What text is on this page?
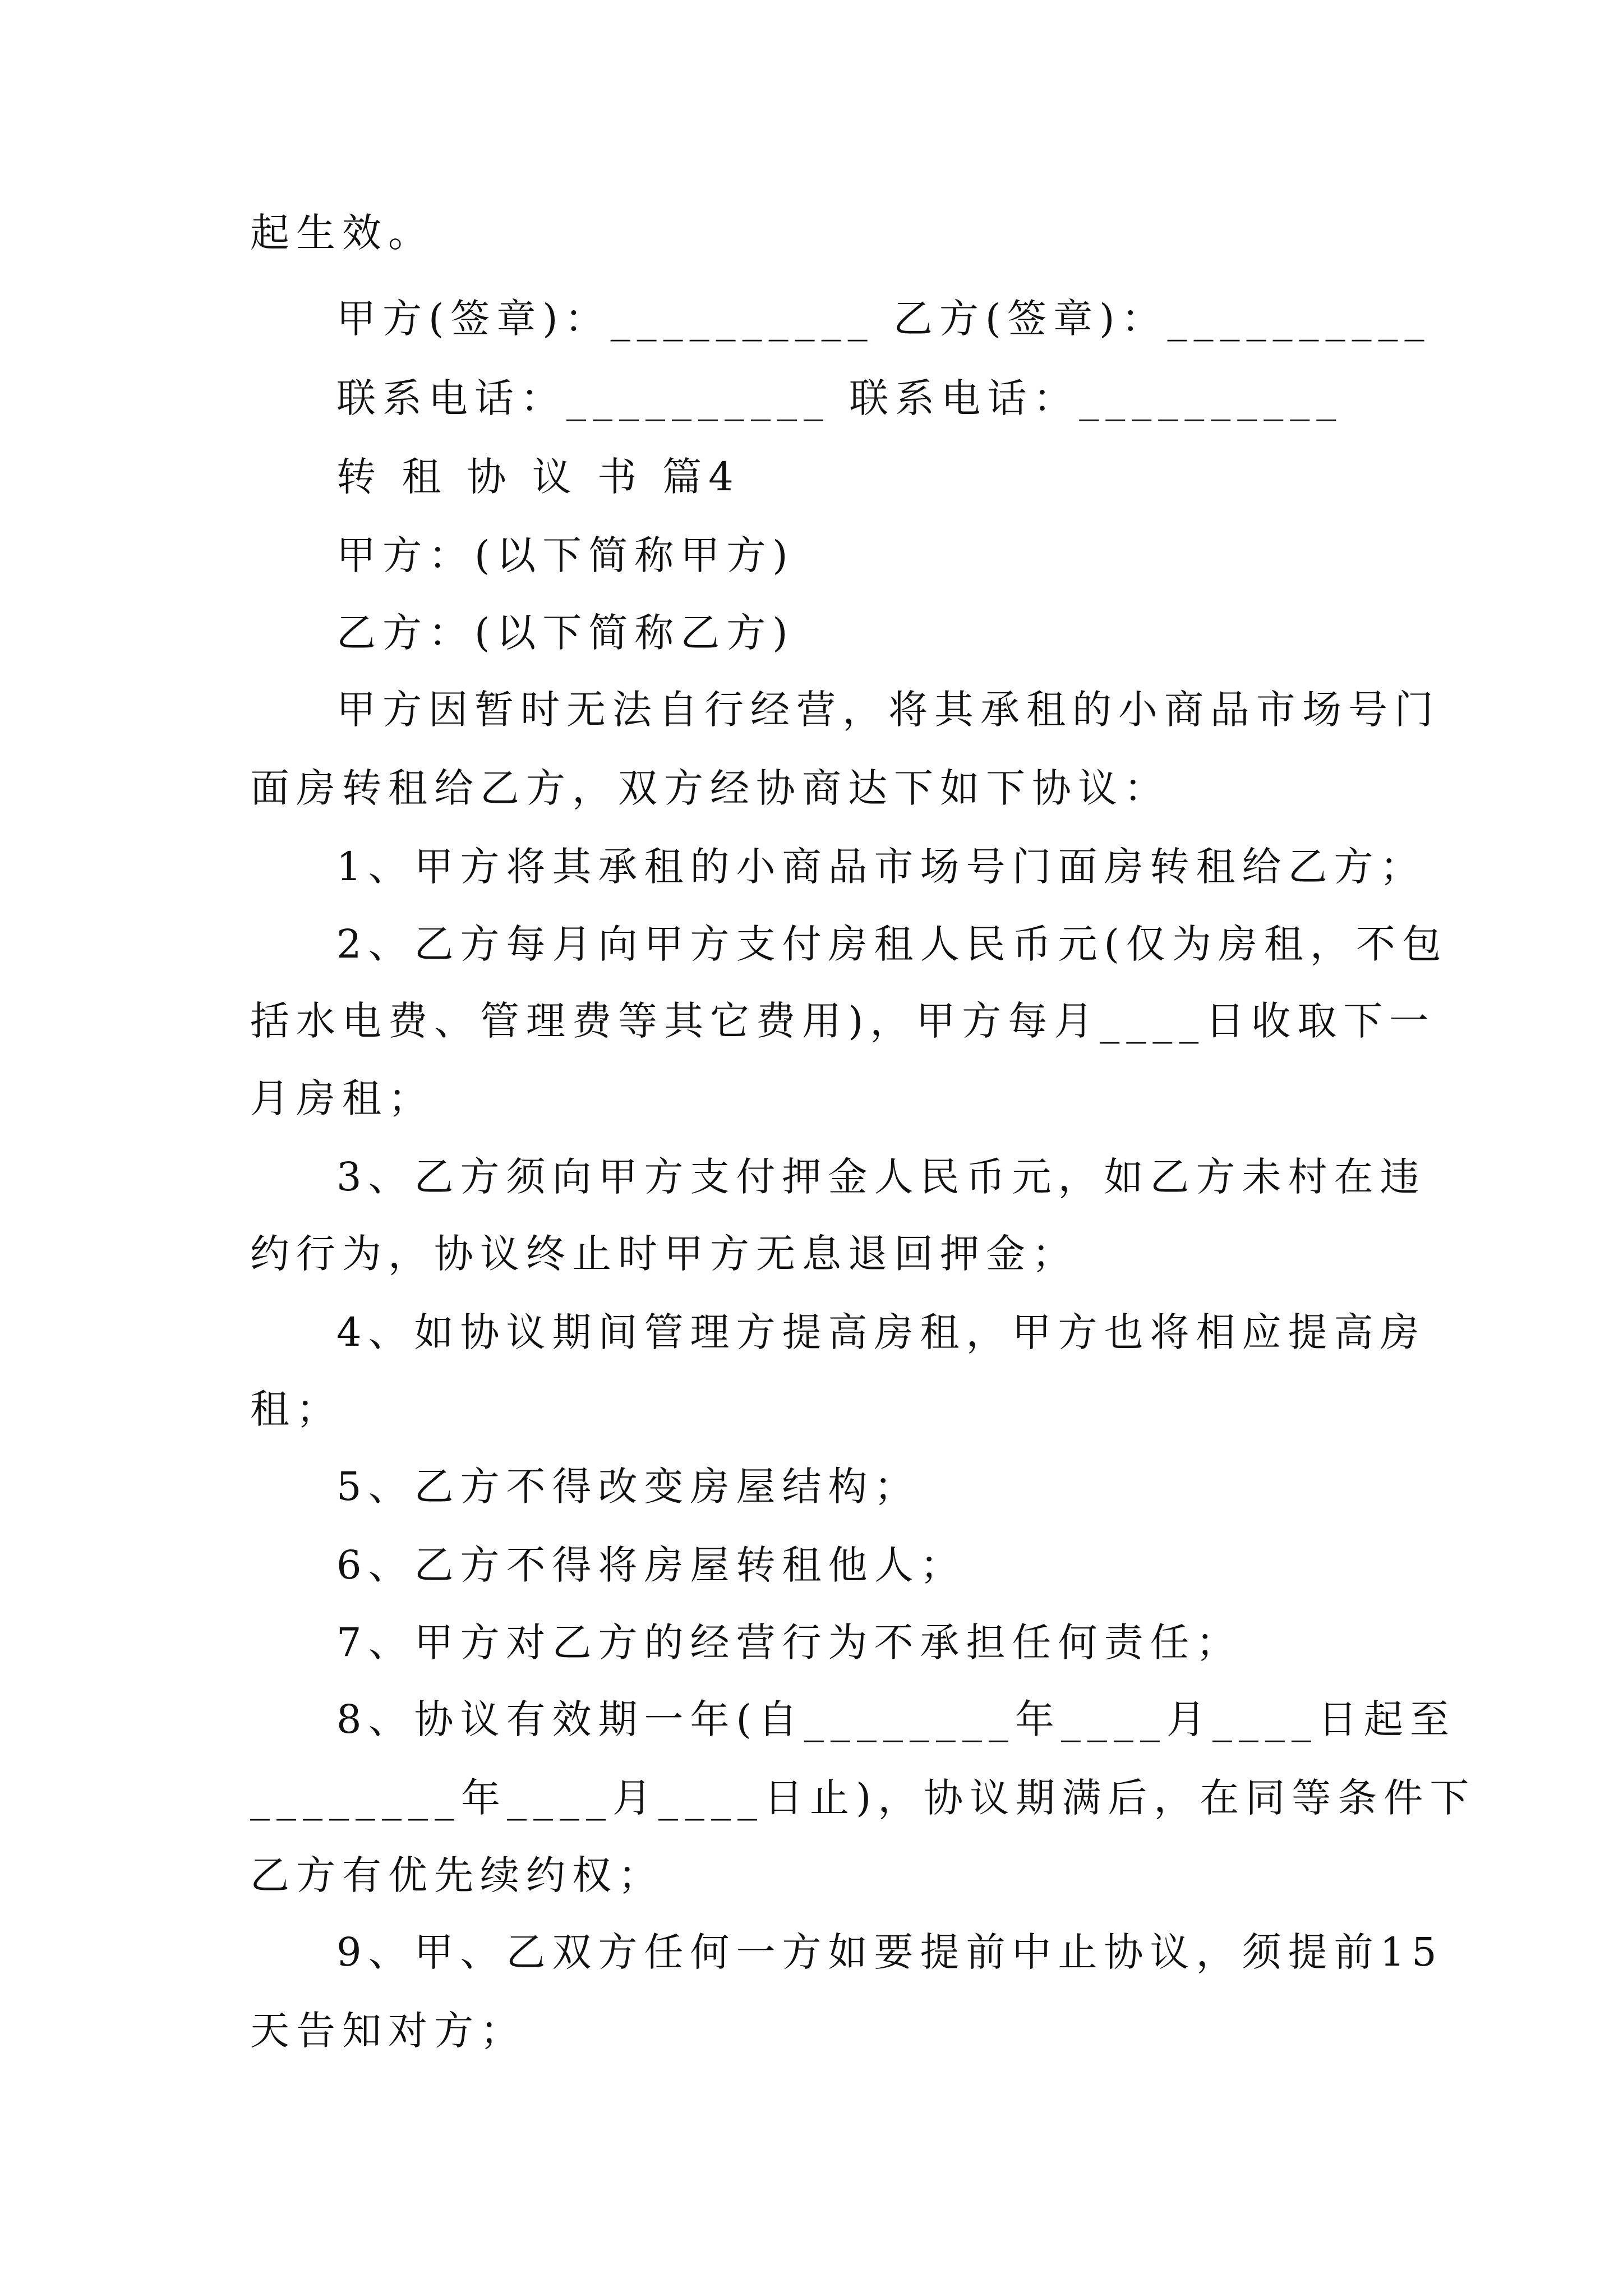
起生效。
甲方(签章)：__________ 乙方(签章)：__________
联系电话：__________ 联系电话：__________
转 租 协 议 书 篇4
甲方：(以下简称甲方)
乙方：(以下简称乙方)
甲方因暂时无法自行经营，将其承租的小商品市场号门
面房转租给乙方，双方经协商达下如下协议：
1、甲方将其承租的小商品市场号门面房转租给乙方；
2、乙方每月向甲方支付房租人民币元(仅为房租，不包
括水电费、管理费等其它费用)，甲方每月____日收取下一
月房租；
3、乙方须向甲方支付押金人民币元，如乙方未村在违
约行为，协议终止时甲方无息退回押金；
4、如协议期间管理方提高房租，甲方也将相应提高房
租；
5、乙方不得改变房屋结构；
6、乙方不得将房屋转租他人；
7、甲方对乙方的经营行为不承担任何责任；
8、协议有效期一年(自________年____月____日起至
________年____月____日止)，协议期满后，在同等条件下
乙方有优先续约权；
9、甲、乙双方任何一方如要提前中止协议，须提前15
天告知对方；
